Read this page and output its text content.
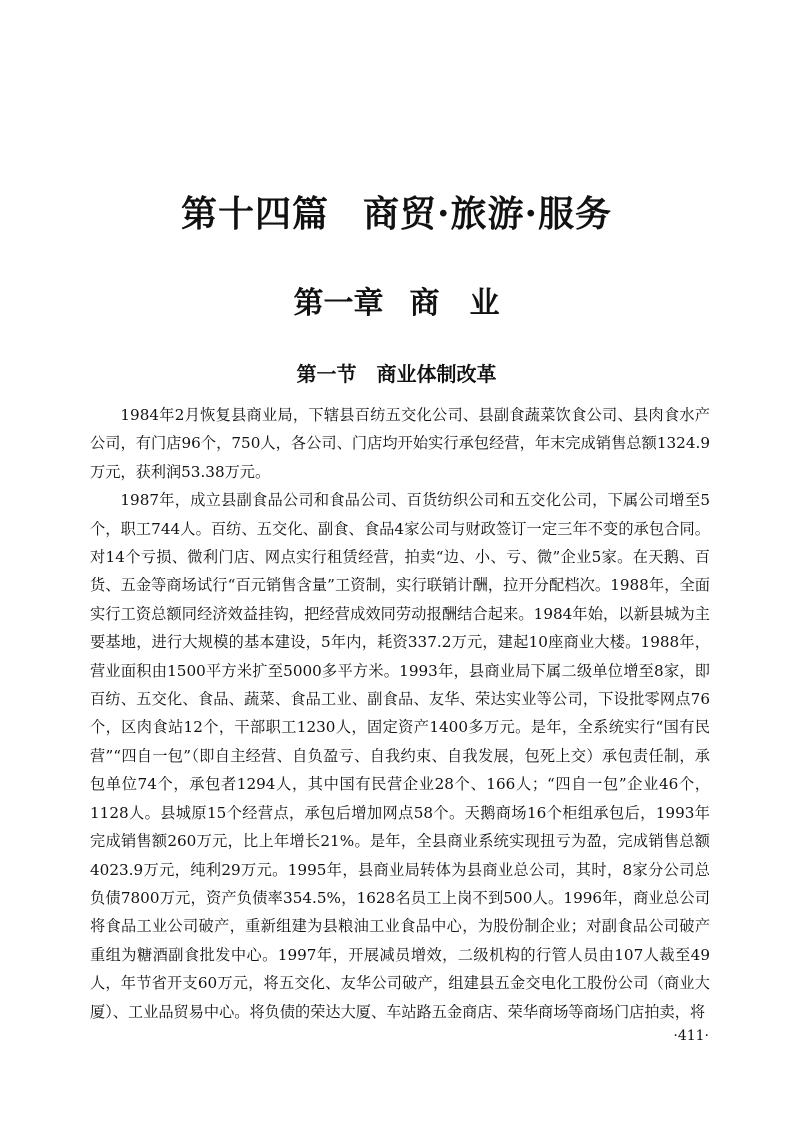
第十四篇 商贸·旅游·服务
第一章 商　业
第一节 商业体制改革

1984年2月恢复县商业局，下辖县百纺五交化公司、县副食蔬菜饮食公司、县肉食水产公司，有门店96个，750人，各公司、门店均开始实行承包经营，年末完成销售总额1324.9万元，获利润53.38万元。

1987年，成立县副食品公司和食品公司、百货纺织公司和五交化公司，下属公司增至5个，职工744人。百纺、五交化、副食、食品4家公司与财政签订一定三年不变的承包合同。对14个亏损、微利门店、网点实行租赁经营，拍卖“边、小、亏、微”企业5家。在天鹅、百货、五金等商场试行“百元销售含量”工资制，实行联销计酬，拉开分配档次。1988年，全面实行工资总额同经济效益挂钩，把经营成效同劳动报酬结合起来。1984年始，以新县城为主要基地，进行大规模的基本建设，5年内，耗资337.2万元，建起10座商业大楼。1988年，营业面积由1500平方米扩至5000多平方米。1993年，县商业局下属二级单位增至8家，即百纺、五交化、食品、蔬菜、食品工业、副食品、友华、荣达实业等公司，下设批零网点76个，区肉食站12个，干部职工1230人，固定资产1400多万元。是年，全系统实行“国有民营”“四自一包”（即自主经营、自负盈亏、自我约束、自我发展，包死上交）承包责任制，承包单位74个，承包者1294人，其中国有民营企业28个、166人；“四自一包”企业46个，1128人。县城原15个经营点，承包后增加网点58个。天鹅商场16个柜组承包后，1993年完成销售额260万元，比上年增长21%。是年，全县商业系统实现扭亏为盈，完成销售总额4023.9万元，纯利29万元。1995年，县商业局转体为县商业总公司，其时，8家分公司总负债7800万元，资产负债率354.5%，1628名员工上岗不到500人。1996年，商业总公司将食品工业公司破产，重新组建为县粮油工业食品中心，为股份制企业；对副食品公司破产重组为糖酒副食批发中心。1997年，开展减员增效，二级机构的行管人员由107人裁至49人，年节省开支60万元，将五交化、友华公司破产，组建县五金交电化工股份公司（商业大厦）、工业品贸易中心。将负债的荣达大厦、车站路五金商店、荣华商场等商场门店拍卖，将

·411·
